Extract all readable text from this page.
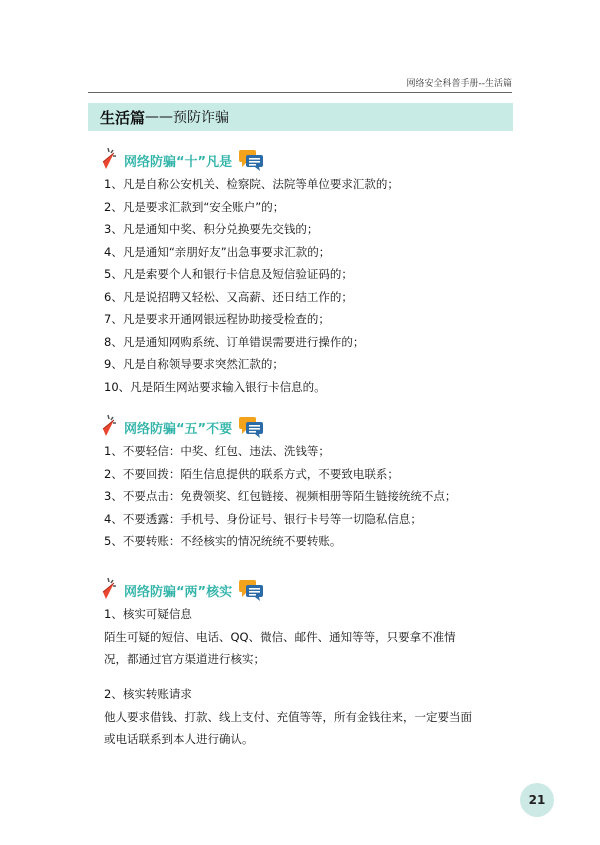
网络安全科普手册--生活篇
生活篇 —— 预防诈骗
网络防骗“十”凡是
1、凡是自称公安机关、检察院、法院等单位要求汇款的；
2、凡是要求汇款到“安全账户”的；
3、凡是通知中奖、积分兑换要先交钱的；
4、凡是通知“亲朋好友”出急事要求汇款的；
5、凡是索要个人和银行卡信息及短信验证码的；
6、凡是说招聘又轻松、又高薪、还日结工作的；
7、凡是要求开通网银远程协助接受检查的；
8、凡是通知网购系统、订单错误需要进行操作的；
9、凡是自称领导要求突然汇款的；
10、凡是陌生网站要求输入银行卡信息的。
网络防骗“五”不要
1、不要轻信：中奖、红包、违法、洗钱等；
2、不要回拨：陌生信息提供的联系方式，不要致电联系；
3、不要点击：免费领奖、红包链接、视频相册等陌生链接统统不点；
4、不要透露：手机号、身份证号、银行卡号等一切隐私信息；
5、不要转账：不经核实的情况统统不要转账。
网络防骗“两”核实
1、核实可疑信息
陌生可疑的短信、电话、QQ、微信、邮件、通知等等，只要拿不准情
况，都通过官方渠道进行核实；
2、核实转账请求
他人要求借钱、打款、线上支付、充值等等，所有金钱往来，一定要当面
或电话联系到本人进行确认。
21
